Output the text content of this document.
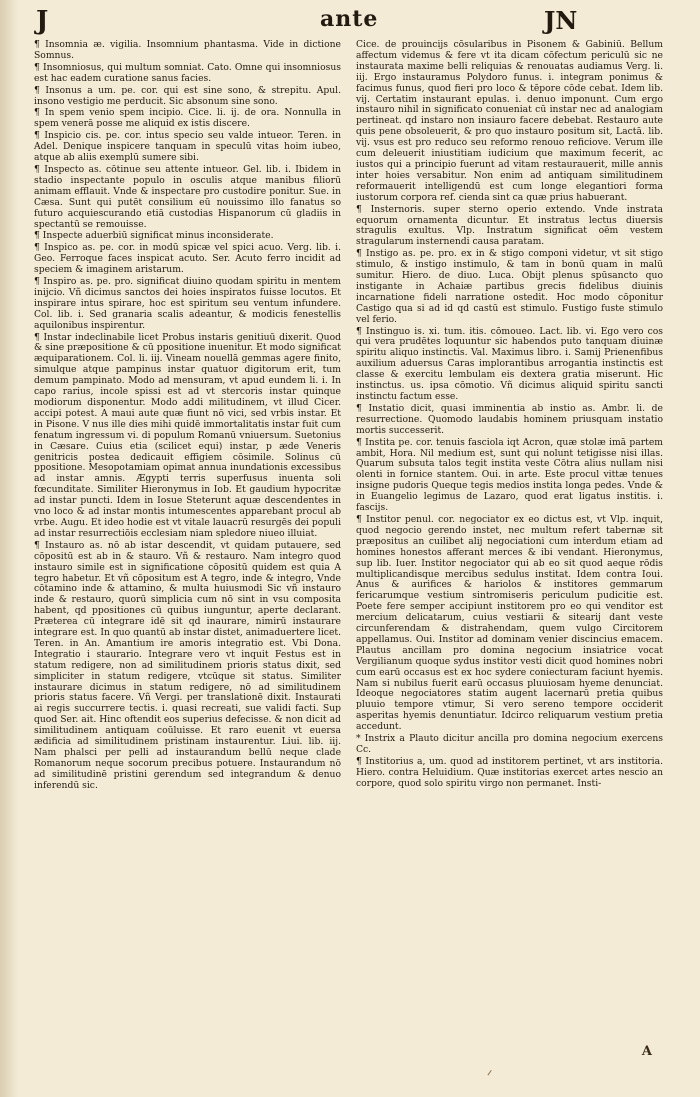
J	ante	JN

¶ Insomnia æ. vigilia. Insomnium phantasma. Vide in dictione Somnus.

¶ Insomniosus, qui multum somniat. Cato. Omne qui insomniosus est hac eadem curatione sanus facies.

¶ Insonus a um. pe. cor. qui est sine sono, & strepitu. Apul. insono vestigio me perducit. Sic absonum sine sono.

¶ In spem venio spem incipio. Cice. li. ij. de ora. Nonnulla in spem venerā posse me aliquid ex istis discere.

¶ Inspicio cis. pe. cor. intus specio seu valde intueor. Teren. in Adel. Denique inspicere tanquam in speculū vitas hoim iubeo, atque ab aliis exemplū sumere sibi.

¶ Inspecto as. cōtinue seu attente intueor. Gel. lib. i. Ibidem in stadio inspectante populo in osculis atque manibus filiorū animam efflauit. Vnde & inspectare pro custodire ponitur. Sue. in Cæsa. Sunt qui putēt consilium eū nouissimo illo fanatus so futuro acquiescurando etiā custodias Hispanorum cū gladiis in spectantū se remouisse.

¶ Inspecte aduerbiū significat minus inconsiderate.

¶ Inspico as. pe. cor. in modū spicæ vel spici acuo. Verg. lib. i. Geo. Ferroque faces inspicat acuto. Ser. Acuto ferro incidit ad speciem & imaginem aristarum.

¶ Inspiro as. pe. pro. significat diuino quodam spiritu in mentem inijcio. Vñ dicimus sanctos dei hoies inspiratos fuisse locutos. Et inspirare intus spirare, hoc est spiritum seu ventum infundere. Col. lib. i. Sed granaria scalis adeantur, & modicis fenestellis aquilonibus inspirentur.

¶ Instar indeclinabile licet Probus instaris genitiuū dixerit. Quod & sine præpositione & cū ppositione inuenitur. Et modo significat æquiparationem. Col. li. iij. Vineam nouellā gemmas agere finito, simulque atque pampinus instar quatuor digitorum erit, tum demum pampinato. Modo ad mensuram, vt apud eundem li. i. In capo rarius, incole spissi est ad vt stercoris instar quinque modiorum disponentur. Modo addi militudinem, vt illud Cicer. accipi potest. A maui aute quæ fiunt nō vici, sed vrbis instar. Et in Pisone. V nus ille dies mihi quidē immortalitatis instar fuit cum fenatum ingressum vi. di populum Romanū vniuersum. Suetonius in Cæsare. Cuius etia (scilicet equi) instar, p æde Veneris genitricis postea dedicauit effigiem cōsimile. Solinus cū ppositione. Mesopotamiam opimat annua inundationis excessibus ad instar amnis. Ægypti terris superfusus inuenta soli fœcunditate. Similiter Hieronymus in Iob. Et gaudium hypocritæ ad instar puncti. Idem in Iosue Steterunt aquæ descendentes in vno loco & ad instar montis intumescentes apparebant procul ab vrbe. Augu. Et ideo hodie est vt vitale lauacrū resurgēs dei populi ad instar resurrectiōis ecclesiam niam spledore niueo illuiat.

¶ Instauro as. nō ab istar descendit, vt quidam putauere, sed cōpositū est ab in & stauro. Vñ & restauro. Nam integro quod instauro simile est in significatione cōpositū quidem est quia A tegro habetur. Et vñ cōpositum est A tegro, inde & integro, Vnde cōtamino inde & attamino, & multa huiusmodi Sic vñ instauro inde & restauro, quorū simplicia cum nō sint in vsu composita habent, qd ppositiones cū quibus iunguntur, aperte declarant. Præterea cū integrare idē sit qd inaurare, nimirū instaurare integrare est. In quo quantū ab instar distet, animaduertere licet. Teren. in An. Amantium ire amoris integratio est. Vbi Dona. Integratio i staurario. Integrare vero vt inquit Festus est in statum redigere, non ad similitudinem prioris status dixit, sed simpliciter in statum redigere, vtcūque sit status. Similiter instaurare dicimus in statum redigere, nō ad similitudinem prioris status facere. Vñ Vergi. per translationē dixit. Instaurati ai regis succurrere tectis. i. quasi recreati, sue validi facti. Sup quod Ser. ait. Hinc oftendit eos superius defecisse. & non dicit ad similitudinem antiquam coūluisse. Et raro euenit vt euersa ædificia ad similitudinem pristinam instaurentur. Liui. lib. iij. Nam phalsci per pelli ad instaurandum bellū neque clade Romanorum neque socorum precibus potuere. Instaurandum nō ad similitudinē pristini gerendum sed integrandum & denuo inferendū sic.

Cice. de prouincijs cōsularibus in Pisonem & Gabiniū. Bellum affectum videmus & fere vt ita dicam cōfectum periculū sic ne instaurata maxime belli reliquias & renouatas audiamus Verg. li. iij. Ergo instauramus Polydoro funus. i. integram ponimus & facimus funus, quod fieri pro loco & tēpore cōde cebat. Idem lib. vij. Certatim instaurant epulas. i. denuo imponunt. Cum ergo instauro nihil in significato conueniat cū instar nec ad analogiam pertineat. qd instaro non insiauro facere debebat. Restauro aute quis pene obsoleuerit, & pro quo instauro positum sit, Lactā. lib. vij. vsus est pro reduco seu reformo renouo reficiove. Verum ille cum deleuerit iniustitiam iudicium que maximum fecerit, ac iustos qui a principio fuerunt ad vitam restaurauerit, mille annis inter hoies versabitur. Non enim ad antiquam similitudinem reformauerit intelligendū est cum longe elegantiori forma iustorum corpora ref. cienda sint ca quæ prius habuerant.

¶ Insternoris. super sterno operio extendo. Vnde instrata equorum ornamenta dicuntur. Et instratus lectus diuersis stragulis exultus. Vlp. Instratum significat oēm vestem stragularum insternendi causa paratam.

¶ Instigo as. pe. pro. ex in & stigo componi videtur, vt sit stigo stimulo, & instigo instimulo, & tam in bonū quam in malū sumitur. Hiero. de diuo. Luca. Obijt plenus spūsancto quo instigante in Achaiæ partibus grecis fidelibus diuinis incarnatione fideli narratione ostedit. Hoc modo cōponitur Castigo qua si ad id qd castū est stimulo. Fustigo fuste stimulo vel ferio.

¶ Instinguo is. xi. tum. itis. cōmoueo. Lact. lib. vi. Ego vero cos qui vera prudētes loquuntur sic habendos puto tanquam diuinæ spiritu aliquo instinctis. Val. Maximus libro. i. Samij Prienenfibus auxilium aduersus Caras implorantibus arrogantia instinctis est classe & exercitu lembulam eis dextera gratia miserunt. Hic instinctus. us. ipsa cōmotio. Vñ dicimus aliquid spiritu sancti instinctu factum esse.

¶ Instatio dicit, quasi imminentia ab instio as. Ambr. li. de resurrectione. Quomodo laudabis hominem priusquam instatio mortis successerit.

¶ Instita pe. cor. tenuis fasciola iqt Acron, quæ stolæ imā partem ambit, Hora. Nil medium est, sunt qui nolunt tetigisse nisi illas. Quarum subsuta talos tegit instita veste Cōtra alius nullam nisi olenti in fornice stantem. Oui. in arte. Este procul vittæ tenues insigne pudoris Queque tegis medios instita longa pedes. Vnde & in Euangelio legimus de Lazaro, quod erat ligatus institis. i. fascijs.

¶ Institor penul. cor. negociator ex eo dictus est, vt Vlp. inquit, quod negocio gerendo instet, nec multum refert tabernæ sit præpositus an cuilibet alij negociationi cum interdum etiam ad homines honestos afferant merces & ibi vendant. Hieronymus, sup lib. Iuer. Institor negociator qui ab eo sit quod aeque rōdis multiplicandisque mercibus sedulus institat. Idem contra Ioui. Anus & aurifices & hariolos & institores gemmarum fericarumque vestium sintromiseris periculum pudicitie est. Poete fere semper accipiunt institorem pro eo qui venditor est mercium delicatarum, cuius vestiarii & sitearij dant veste circunferendam & distrahendam, quem vulgo Circitorem appellamus. Oui. Institor ad dominam venier discincius emacem. Plautus ancillam pro domina negocium insiatrice vocat Vergilianum quoque sydus institor vesti dicit quod homines nobri cum earū occasus est ex hoc sydere coniecturam faciunt hyemis. Nam si nubilus fuerit earū occasus pluuiosam hyeme denunciat. Ideoque negociatores statim augent lacernarū pretia quibus pluuio tempore vtimur, Si vero sereno tempore occiderit asperitas hyemis denuntiatur. Idcirco reliquarum vestium pretia accedunt.

* Instrix a Plauto dicitur ancilla pro domina negocium exercens Cc.

¶ Institorius a, um. quod ad institorem pertinet, vt ars institoria. Hiero. contra Heluidium. Quæ institorias exercet artes nescio an corpore, quod solo spiritu virgo non permanet. Insti-

A
